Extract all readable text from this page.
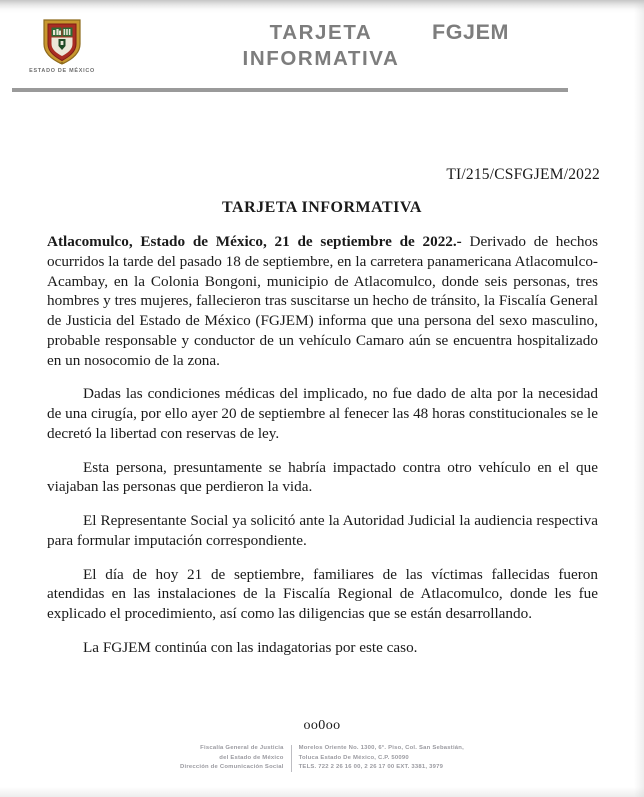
ESTADO DE MÉXICO
TARJETA
INFORMATIVA
FGJEM
TI/215/CSFGJEM/2022
TARJETA INFORMATIVA

Atlacomulco, Estado de México, 21 de septiembre de 2022.- Derivado de hechos ocurridos la tarde del pasado 18 de septiembre, en la carretera panamericana Atlacomulco-Acambay, en la Colonia Bongoni, municipio de Atlacomulco, donde seis personas, tres hombres y tres mujeres, fallecieron tras suscitarse un hecho de tránsito, la Fiscalía General de Justicia del Estado de México (FGJEM) informa que una persona del sexo masculino, probable responsable y conductor de un vehículo Camaro aún se encuentra hospitalizado en un nosocomio de la zona.

Dadas las condiciones médicas del implicado, no fue dado de alta por la necesidad de una cirugía, por ello ayer 20 de septiembre al fenecer las 48 horas constitucionales se le decretó la libertad con reservas de ley.

Esta persona, presuntamente se habría impactado contra otro vehículo en el que viajaban las personas que perdieron la vida.

El Representante Social ya solicitó ante la Autoridad Judicial la audiencia respectiva para formular imputación correspondiente.

El día de hoy 21 de septiembre, familiares de las víctimas fallecidas fueron atendidas en las instalaciones de la Fiscalía Regional de Atlacomulco, donde les fue explicado el procedimiento, así como las diligencias que se están desarrollando.

La FGJEM continúa con las indagatorias por este caso.

oo0oo
Fiscalía General de Justicia
del Estado de México
Dirección de Comunicación Social
Morelos Oriente No. 1300, 6°. Piso, Col. San Sebastián,
Toluca Estado De México, C.P. 50090
TELS. 722 2 26 16 00, 2 26 17 00 EXT. 3381, 3979
